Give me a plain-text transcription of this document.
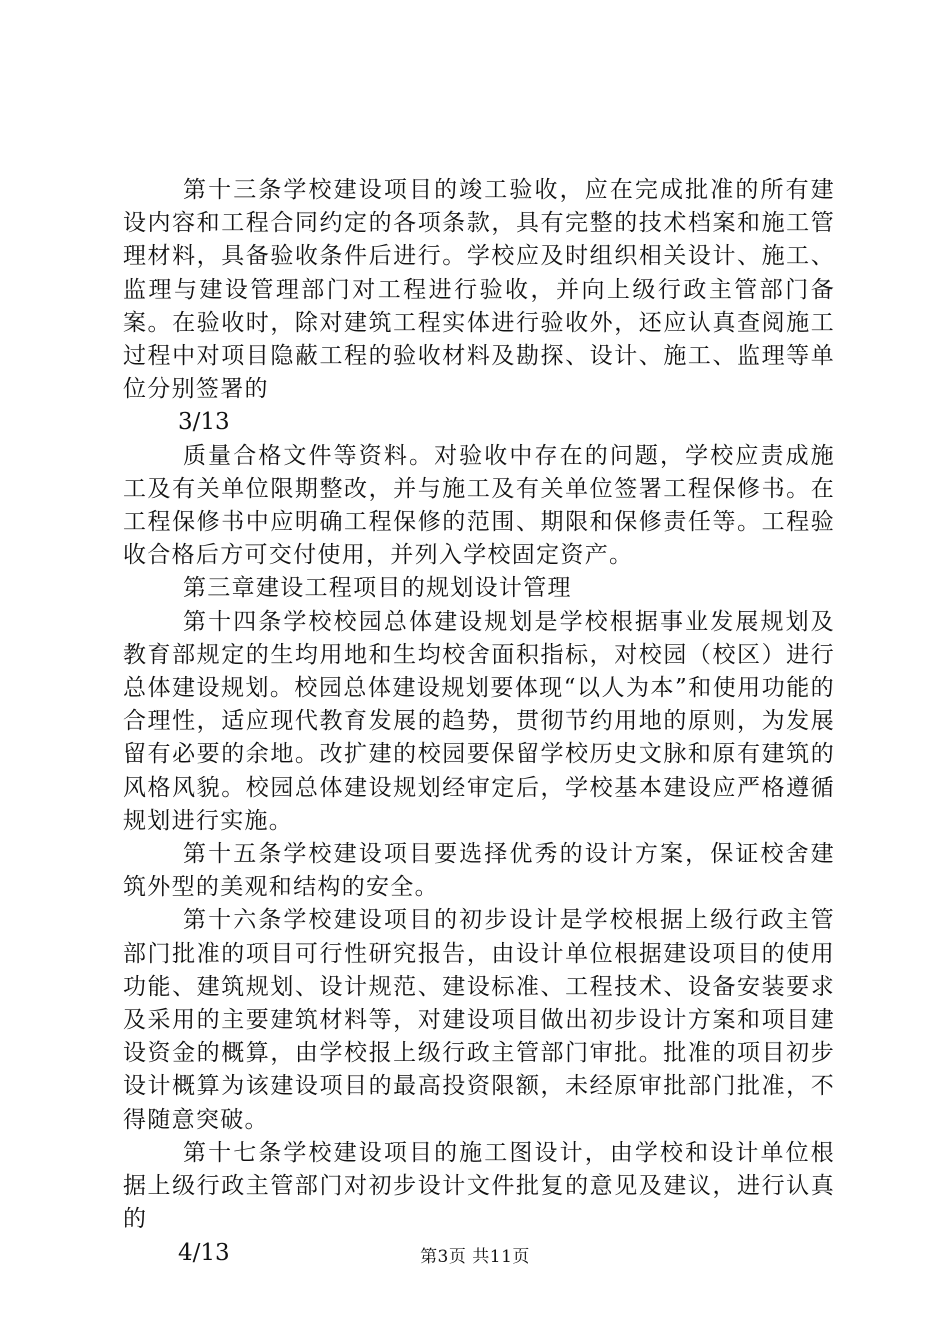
第十三条学校建设项目的竣工验收，应在完成批准的所有建设内容和工程合同约定的各项条款，具有完整的技术档案和施工管理材料，具备验收条件后进行。学校应及时组织相关设计、施工、监理与建设管理部门对工程进行验收，并向上级行政主管部门备案。在验收时，除对建筑工程实体进行验收外，还应认真查阅施工过程中对项目隐蔽工程的验收材料及勘探、设计、施工、监理等单位分别签署的

3/13

质量合格文件等资料。对验收中存在的问题，学校应责成施工及有关单位限期整改，并与施工及有关单位签署工程保修书。在工程保修书中应明确工程保修的范围、期限和保修责任等。工程验收合格后方可交付使用，并列入学校固定资产。

第三章建设工程项目的规划设计管理

第十四条学校校园总体建设规划是学校根据事业发展规划及教育部规定的生均用地和生均校舍面积指标，对校园（校区）进行总体建设规划。校园总体建设规划要体现“以人为本”和使用功能的合理性，适应现代教育发展的趋势，贯彻节约用地的原则，为发展留有必要的余地。改扩建的校园要保留学校历史文脉和原有建筑的风格风貌。校园总体建设规划经审定后，学校基本建设应严格遵循规划进行实施。

第十五条学校建设项目要选择优秀的设计方案，保证校舍建筑外型的美观和结构的安全。

第十六条学校建设项目的初步设计是学校根据上级行政主管部门批准的项目可行性研究报告，由设计单位根据建设项目的使用功能、建筑规划、设计规范、建设标准、工程技术、设备安装要求及采用的主要建筑材料等，对建设项目做出初步设计方案和项目建设资金的概算，由学校报上级行政主管部门审批。批准的项目初步设计概算为该建设项目的最高投资限额，未经原审批部门批准，不得随意突破。

第十七条学校建设项目的施工图设计，由学校和设计单位根据上级行政主管部门对初步设计文件批复的意见及建议，进行认真的

4/13	第3页 共11页
